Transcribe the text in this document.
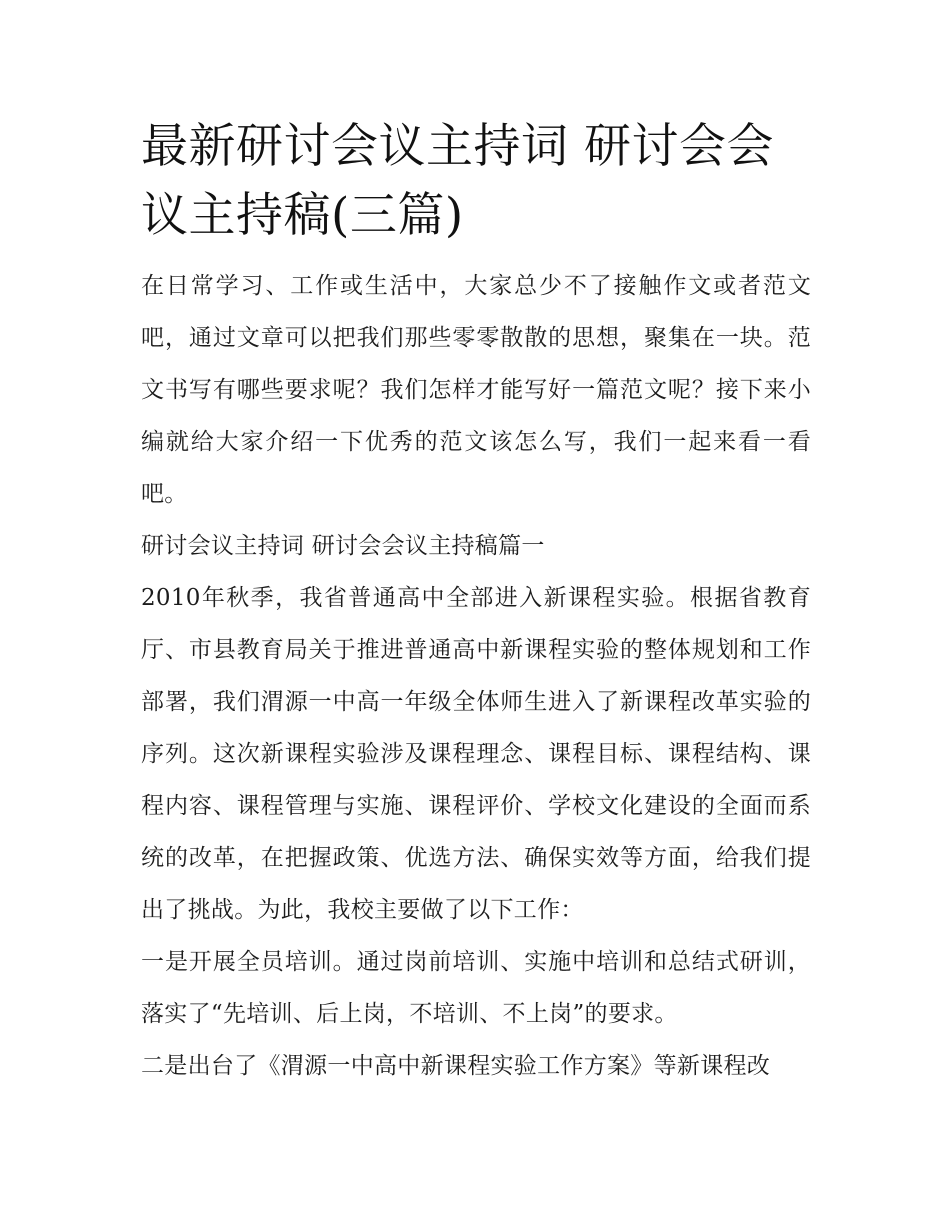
最新研讨会议主持词 研讨会会议主持稿(三篇)

在日常学习、工作或生活中，大家总少不了接触作文或者范文吧，通过文章可以把我们那些零零散散的思想，聚集在一块。范文书写有哪些要求呢？我们怎样才能写好一篇范文呢？接下来小编就给大家介绍一下优秀的范文该怎么写，我们一起来看一看吧。

研讨会议主持词 研讨会会议主持稿篇一

2010年秋季，我省普通高中全部进入新课程实验。根据省教育厅、市县教育局关于推进普通高中新课程实验的整体规划和工作部署，我们渭源一中高一年级全体师生进入了新课程改革实验的序列。这次新课程实验涉及课程理念、课程目标、课程结构、课程内容、课程管理与实施、课程评价、学校文化建设的全面而系统的改革，在把握政策、优选方法、确保实效等方面，给我们提出了挑战。为此，我校主要做了以下工作：

一是开展全员培训。通过岗前培训、实施中培训和总结式研训，落实了“先培训、后上岗，不培训、不上岗”的要求。

二是出台了《渭源一中高中新课程实验工作方案》等新课程改
